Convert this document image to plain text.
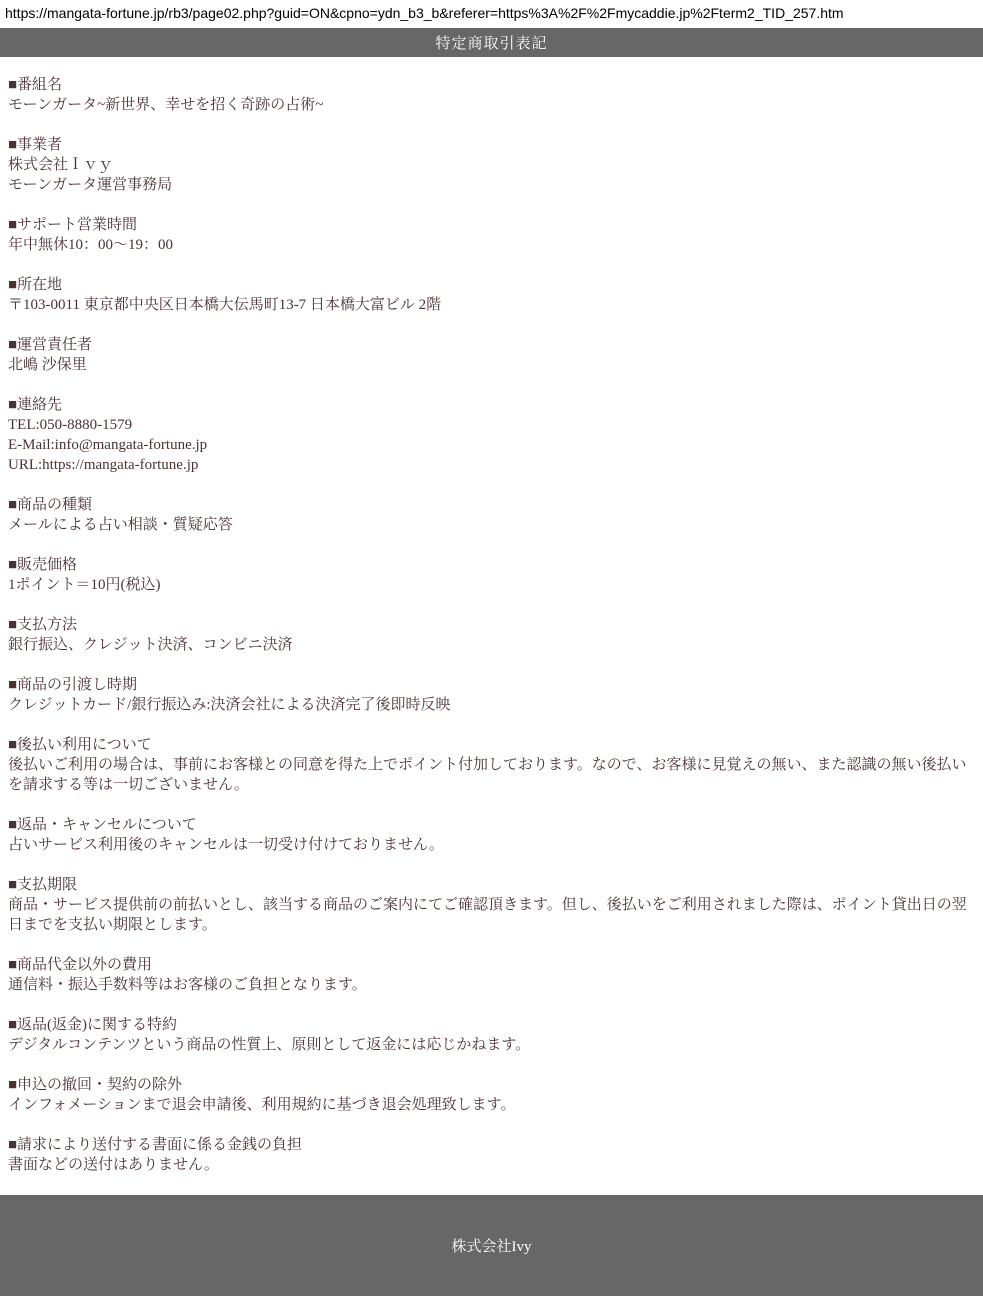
https://mangata-fortune.jp/rb3/page02.php?guid=ON&cpno=ydn_b3_b&referer=https%3A%2F%2Fmycaddie.jp%2Fterm2_TID_257.htm
特定商取引表記
■番組名
モーンガータ~新世界、幸せを招く奇跡の占術~
■事業者
株式会社Ｉｖｙ
モーンガータ運営事務局
■サポート営業時間
年中無休10：00～19：00
■所在地
〒103-0011 東京都中央区日本橋大伝馬町13-7 日本橋大富ビル 2階
■運営責任者
北嶋 沙保里
■連絡先
TEL:050-8880-1579
E-Mail:info@mangata-fortune.jp
URL:https://mangata-fortune.jp
■商品の種類
メールによる占い相談・質疑応答
■販売価格
1ポイント＝10円(税込)
■支払方法
銀行振込、クレジット決済、コンビニ決済
■商品の引渡し時期
クレジットカード/銀行振込み:決済会社による決済完了後即時反映
■後払い利用について
後払いご利用の場合は、事前にお客様との同意を得た上でポイント付加しております。なので、お客様に見覚えの無い、また認識の無い後払いを請求する等は一切ございません。
■返品・キャンセルについて
占いサービス利用後のキャンセルは一切受け付けておりません。
■支払期限
商品・サービス提供前の前払いとし、該当する商品のご案内にてご確認頂きます。但し、後払いをご利用されました際は、ポイント貸出日の翌日までを支払い期限とします。
■商品代金以外の費用
通信料・振込手数料等はお客様のご負担となります。
■返品(返金)に関する特約
デジタルコンテンツという商品の性質上、原則として返金には応じかねます。
■申込の撤回・契約の除外
インフォメーションまで退会申請後、利用規約に基づき退会処理致します。
■請求により送付する書面に係る金銭の負担
書面などの送付はありません。
株式会社Ivy
